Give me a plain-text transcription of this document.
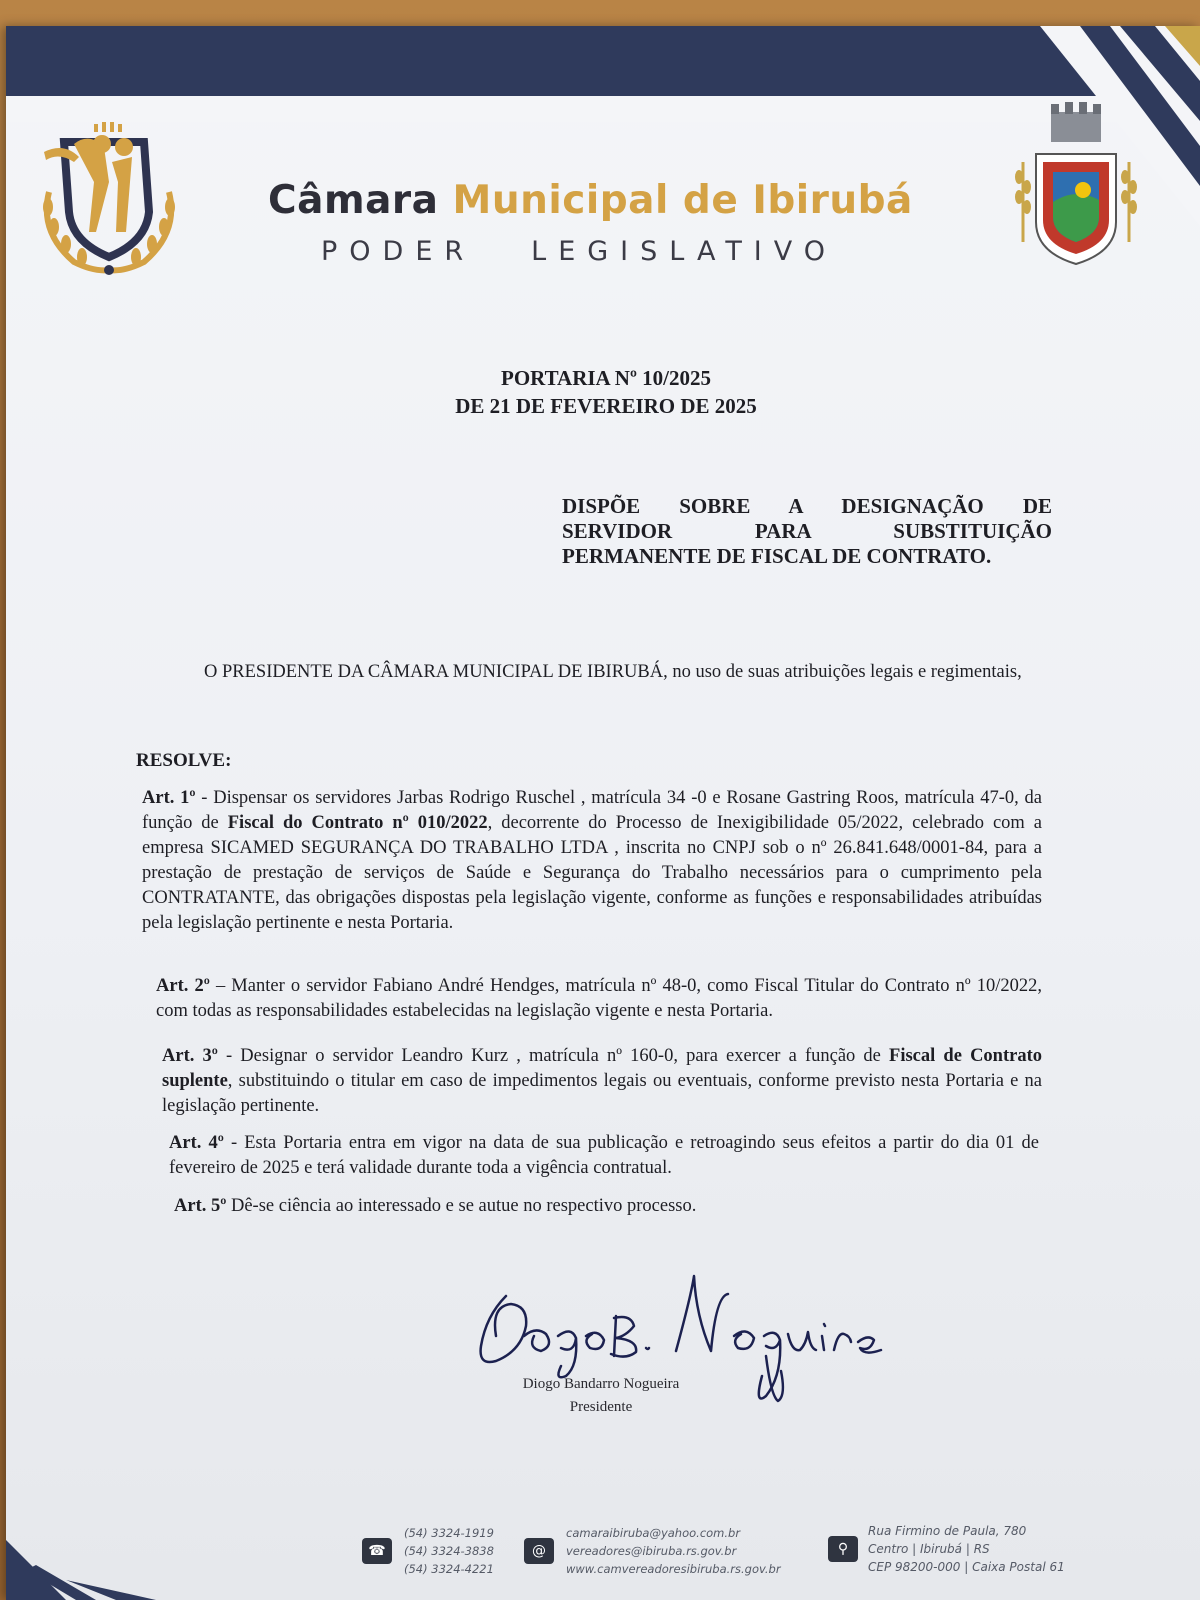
Câmara Municipal de Ibirubá
PODER LEGISLATIVO
PORTARIA Nº 10/2025
DE 21 DE FEVEREIRO DE 2025
DISPÕE SOBRE A DESIGNAÇÃO DE
SERVIDOR PARA SUBSTITUIÇÃO
PERMANENTE DE FISCAL DE CONTRATO.
O PRESIDENTE DA CÂMARA MUNICIPAL DE IBIRUBÁ, no uso de suas atribuições legais e regimentais,
RESOLVE:
Art. 1º - Dispensar os servidores Jarbas Rodrigo Ruschel , matrícula 34 -0 e Rosane Gastring Roos, matrícula 47-0, da função de Fiscal do Contrato nº 010/2022, decorrente do Processo de Inexigibilidade 05/2022, celebrado com a empresa SICAMED SEGURANÇA DO TRABALHO LTDA , inscrita no CNPJ sob o nº 26.841.648/0001-84, para a prestação de prestação de serviços de Saúde e Segurança do Trabalho necessários para o cumprimento pela CONTRATANTE, das obrigações dispostas pela legislação vigente, conforme as funções e responsabilidades atribuídas pela legislação pertinente e nesta Portaria.
Art. 2º – Manter o servidor Fabiano André Hendges, matrícula nº 48-0, como Fiscal Titular do Contrato nº 10/2022, com todas as responsabilidades estabelecidas na legislação vigente e nesta Portaria.
Art. 3º - Designar o servidor Leandro Kurz , matrícula nº 160-0, para exercer a função de Fiscal de Contrato suplente, substituindo o titular em caso de impedimentos legais ou eventuais, conforme previsto nesta Portaria e na legislação pertinente.
Art. 4º - Esta Portaria entra em vigor na data de sua publicação e retroagindo seus efeitos a partir do dia 01 de fevereiro de 2025 e terá validade durante toda a vigência contratual.
Art. 5º Dê-se ciência ao interessado e se autue no respectivo processo.
Diogo Bandarro Nogueira
Presidente
☎
(54) 3324-1919
(54) 3324-3838
(54) 3324-4221
@
camaraibiruba@yahoo.com.br
vereadores@ibiruba.rs.gov.br
www.camvereadoresibiruba.rs.gov.br
⚲
Rua Firmino de Paula, 780
Centro | Ibirubá | RS
CEP 98200-000 | Caixa Postal 61
